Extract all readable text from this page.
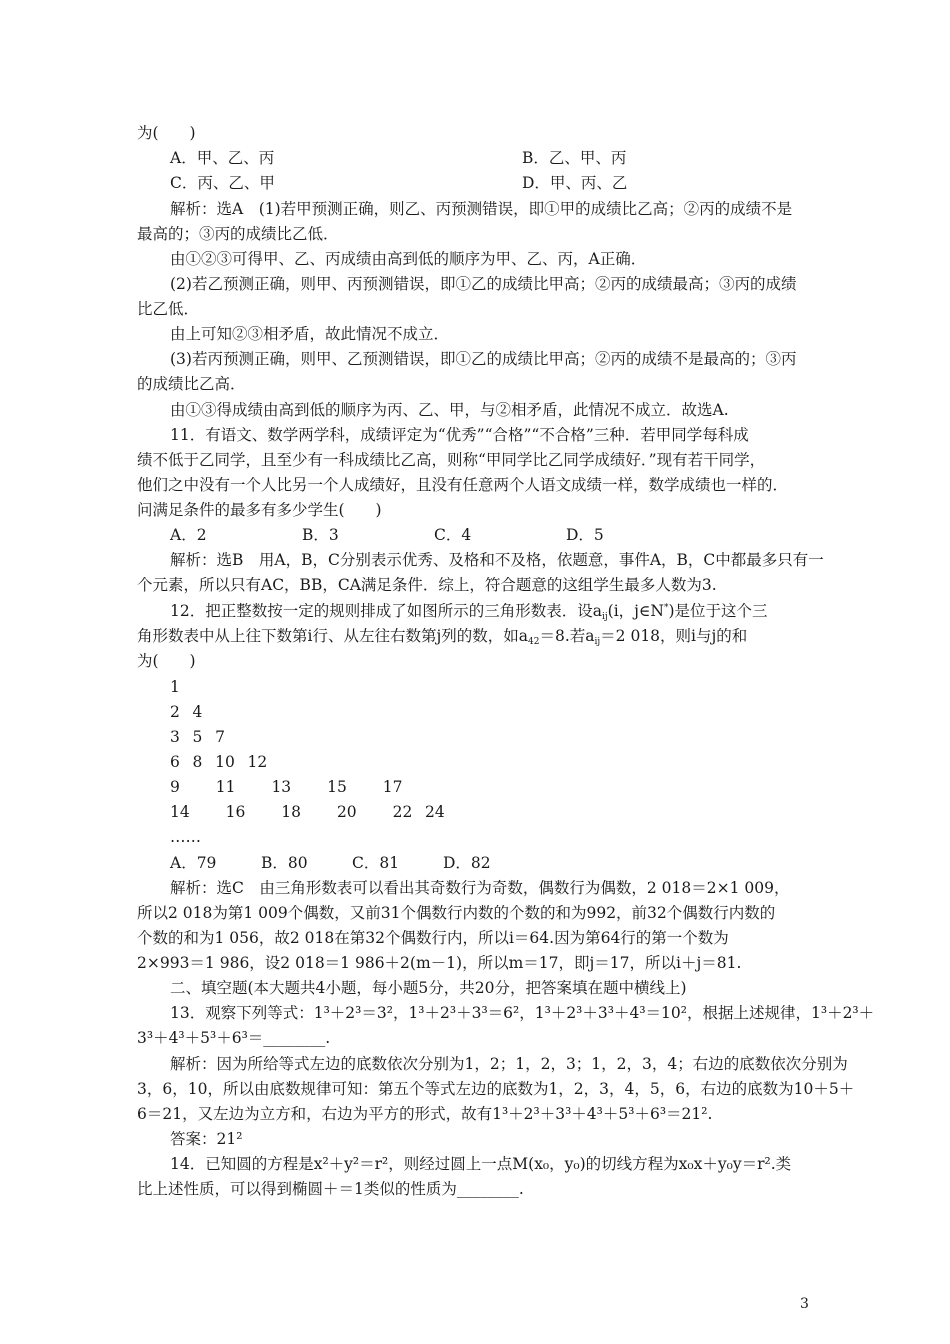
为(　　)
A．甲、乙、丙	B．乙、甲、丙
C．丙、乙、甲	D．甲、丙、乙
解析：选A　(1)若甲预测正确，则乙、丙预测错误，即①甲的成绩比乙高；②丙的成绩不是
最高的；③丙的成绩比乙低．
由①②③可得甲、乙、丙成绩由高到低的顺序为甲、乙、丙，A正确．
(2)若乙预测正确，则甲、丙预测错误，即①乙的成绩比甲高；②丙的成绩最高；③丙的成绩
比乙低．
由上可知②③相矛盾，故此情况不成立．
(3)若丙预测正确，则甲、乙预测错误，即①乙的成绩比甲高；②丙的成绩不是最高的；③丙
的成绩比乙高．
由①③得成绩由高到低的顺序为丙、乙、甲，与②相矛盾，此情况不成立．故选A.
11．有语文、数学两学科，成绩评定为“优秀”“合格”“不合格”三种．若甲同学每科成
绩不低于乙同学，且至少有一科成绩比乙高，则称“甲同学比乙同学成绩好．”现有若干同学，
他们之中没有一个人比另一个人成绩好，且没有任意两个人语文成绩一样，数学成绩也一样的．
问满足条件的最多有多少学生(　　)
A．2	B．3	C．4	D．5
解析：选B　用A，B，C分别表示优秀、及格和不及格，依题意，事件A，B，C中都最多只有一
个元素，所以只有AC，BB，CA满足条件．综上，符合题意的这组学生最多人数为3.
12．把正整数按一定的规则排成了如图所示的三角形数表．设$a_{ij}(i$，j∈N*)是位于这个三
角形数表中从上往下数第i行、从左往右数第j列的数，如$a_{42}=8$.若$a_{ij}=2$ 018，则i与j的和
为(　　)
1
2  4
3  5  7
6  8  10  12
9   11   13   15   17
14   16   18   20   22  24
……
A．79	B．80	C．81	D．82
解析：选C　由三角形数表可以看出其奇数行为奇数，偶数行为偶数，2 018＝2×1 009，
所以2 018为第1 009个偶数，又前31个偶数行内数的个数的和为992，前32个偶数行内数的
个数的和为1 056，故2 018在第32个偶数行内，所以i＝64.因为第64行的第一个数为
2×993＝1 986，设2 018＝1 986＋2(m－1)，所以m＝17，即j＝17，所以i＋j＝81.
二、填空题(本大题共4小题，每小题5分，共20分，把答案填在题中横线上)
13．观察下列等式：1³＋2³＝3²，1³＋2³＋3³＝6²，1³＋2³＋3³＋4³＝10²，根据上述规律，1³＋2³＋
3³＋4³＋5³＋6³＝________.
解析：因为所给等式左边的底数依次分别为1，2；1，2，3；1，2，3，4；右边的底数依次分别为
3，6，10，所以由底数规律可知：第五个等式左边的底数为1，2，3，4，5，6，右边的底数为10＋5＋
6＝21，又左边为立方和，右边为平方的形式，故有1³＋2³＋3³＋4³＋5³＋6³＝21².
答案：21²
14．已知圆的方程是x²＋y²＝r²，则经过圆上一点M(x₀，y₀)的切线方程为x₀x＋y₀y＝r².类
比上述性质，可以得到椭圆＋＝1类似的性质为________.
3
